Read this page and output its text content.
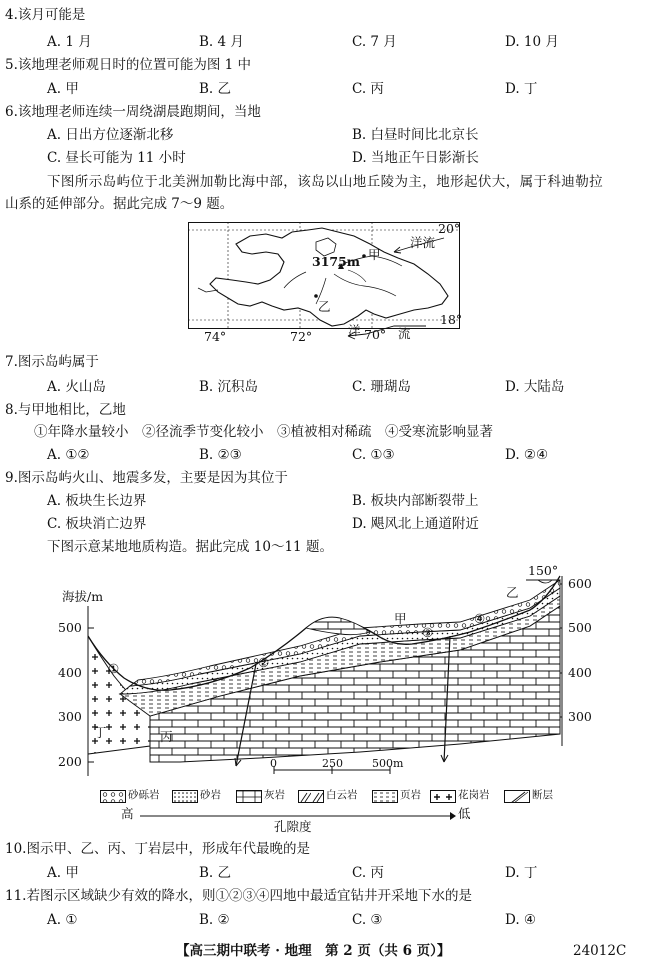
4.该月可能是
A. 1 月	B. 4 月	C. 7 月	D. 10 月
5.该地理老师观日时的位置可能为图 1 中
A. 甲	B. 乙	C. 丙	D. 丁
6.该地理老师连续一周绕湖晨跑期间，当地
A. 日出方位逐渐北移	B. 白昼时间比北京长
C. 昼长可能为 11 小时	D. 当地正午日影渐长
下图所示岛屿位于北美洲加勒比海中部，该岛以山地丘陵为主，地形起伏大，属于科迪勒拉
山系的延伸部分。据此完成 7～9 题。
20°
18°
74°	72°	70°
3175m 甲
乙
洋流
洋	流
7.图示岛屿属于
A. 火山岛	B. 沉积岛	C. 珊瑚岛	D. 大陆岛
8.与甲地相比，乙地
①年降水量较小　②径流季节变化较小　③植被相对稀疏　④受寒流影响显著
A. ①②	B. ②③	C. ①③	D. ②④
9.图示岛屿火山、地震多发，主要是因为其位于
A. 板块生长边界	B. 板块内部断裂带上
C. 板块消亡边界	D. 飓风北上通道附近
下图示意某地地质构造。据此完成 10～11 题。
海拔/m
500
400
300
200
600
500
400
300
150°
乙
甲
丙
丁
①	②
③
④
0	250	500m
砂砾岩	砂岩	灰岩	白云岩	页岩	花岗岩	断层
高	低
孔隙度
10.图示甲、乙、丙、丁岩层中，形成年代最晚的是
A. 甲	B. 乙	C. 丙	D. 丁
11.若图示区域缺少有效的降水，则①②③④四地中最适宜钻井开采地下水的是
A. ①	B. ②	C. ③	D. ④
【高三期中联考 · 地理　第 2 页（共 6 页）】	24012C
